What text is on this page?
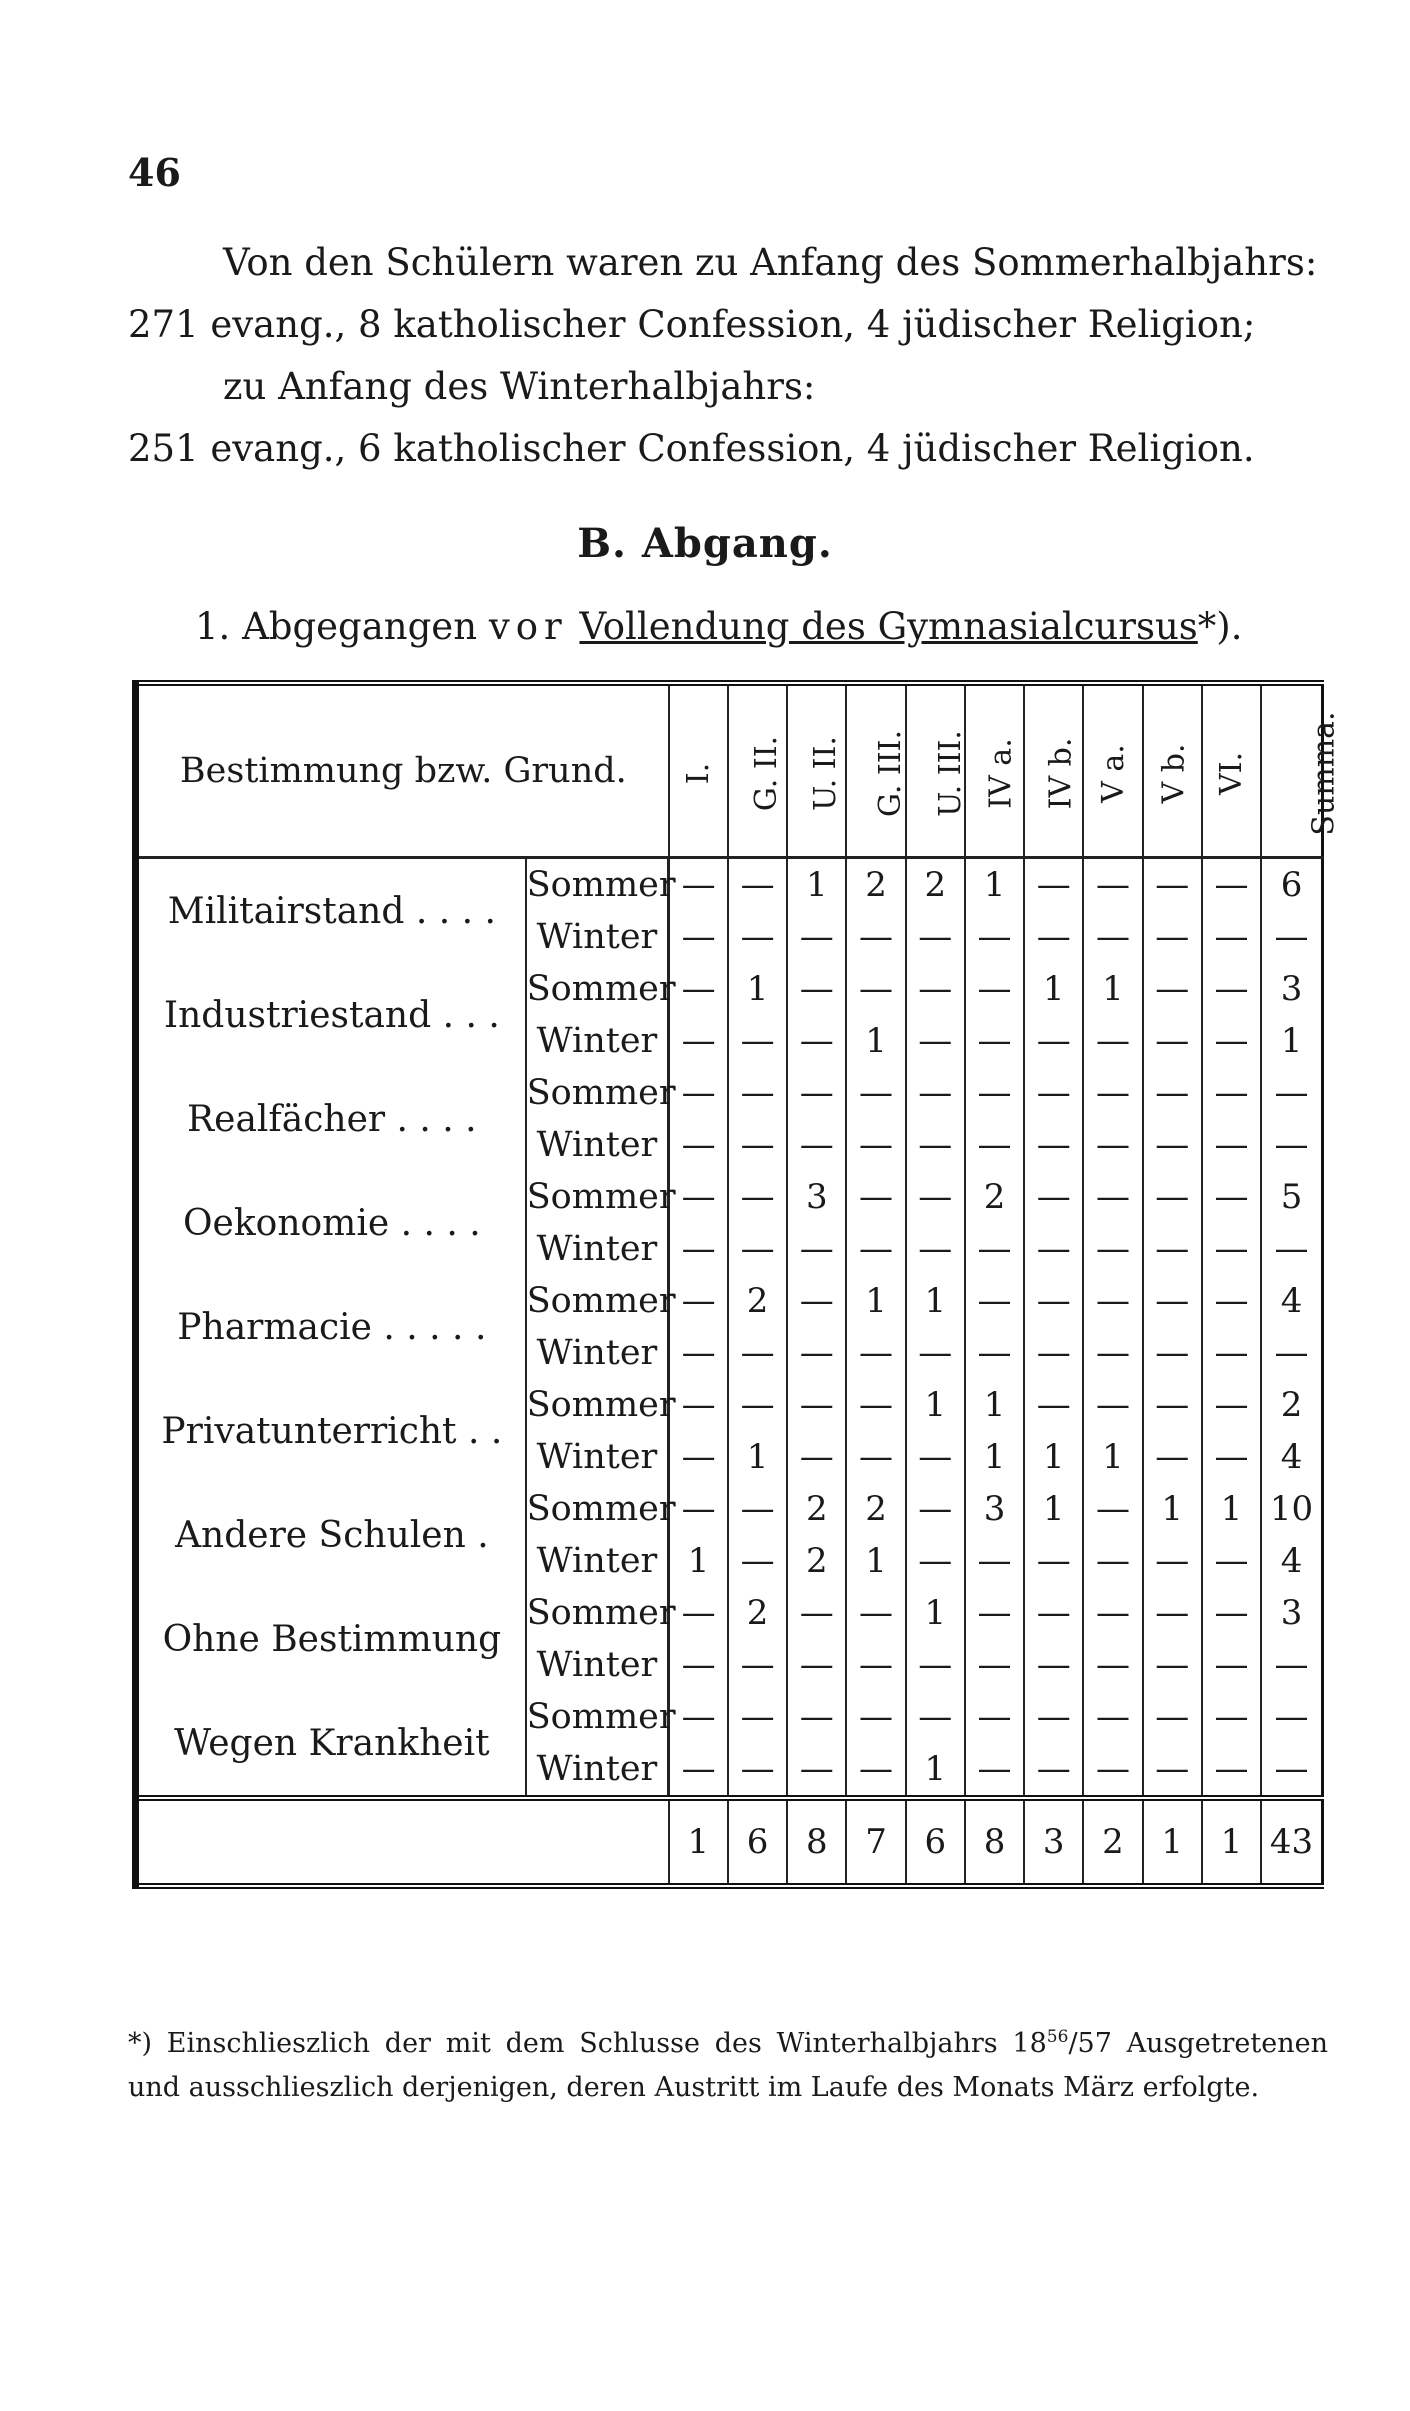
46
Von den Schülern waren zu Anfang des Sommerhalbjahrs:
271 evang., 8 katholischer Confession, 4 jüdischer Religion;
zu Anfang des Winterhalbjahrs:
251 evang., 6 katholischer Confession, 4 jüdischer Religion.
B. Abgang.
1. Abgegangen vor Vollendung des Gymnasialcursus*).
Bestimmung bzw. Grund.		I.	G. II.	U. II.	G. III.	U. III.	IV a.	IV b.	V a.	V b.	VI.	Summa.
Militairstand . . . .	Sommer	—	—	1	2	2	1	—	—	—	—	6
	Winter	—	—	—	—	—	—	—	—	—	—	—
Industriestand . . .	Sommer	—	1	—	—	—	—	1	1	—	—	3
	Winter	—	—	—	1	—	—	—	—	—	—	1
Realfächer . . . .	Sommer	—	—	—	—	—	—	—	—	—	—	—
	Winter	—	—	—	—	—	—	—	—	—	—	—
Oekonomie . . . .	Sommer	—	—	3	—	—	2	—	—	—	—	5
	Winter	—	—	—	—	—	—	—	—	—	—	—
Pharmacie . . . . .	Sommer	—	2	—	1	1	—	—	—	—	—	4
	Winter	—	—	—	—	—	—	—	—	—	—	—
Privatunterricht . .	Sommer	—	—	—	—	1	1	—	—	—	—	2
	Winter	—	1	—	—	—	1	1	1	—	—	4
Andere Schulen .	Sommer	—	—	2	2	—	3	1	—	1	1	10
	Winter	1	—	2	1	—	—	—	—	—	—	4
Ohne Bestimmung	Sommer	—	2	—	—	1	—	—	—	—	—	3
	Winter	—	—	—	—	—	—	—	—	—	—	—
Wegen Krankheit	Sommer	—	—	—	—	—	—	—	—	—	—	—
	Winter	—	—	—	—	1	—	—	—	—	—	—
		1	6	8	7	6	8	3	2	1	1	43
*) Einschlieszlich der mit dem Schlusse des Winterhalbjahrs $18^{56}/57$ Ausgetretenen und ausschlieszlich derjenigen, deren Austritt im Laufe des Monats März erfolgte.
